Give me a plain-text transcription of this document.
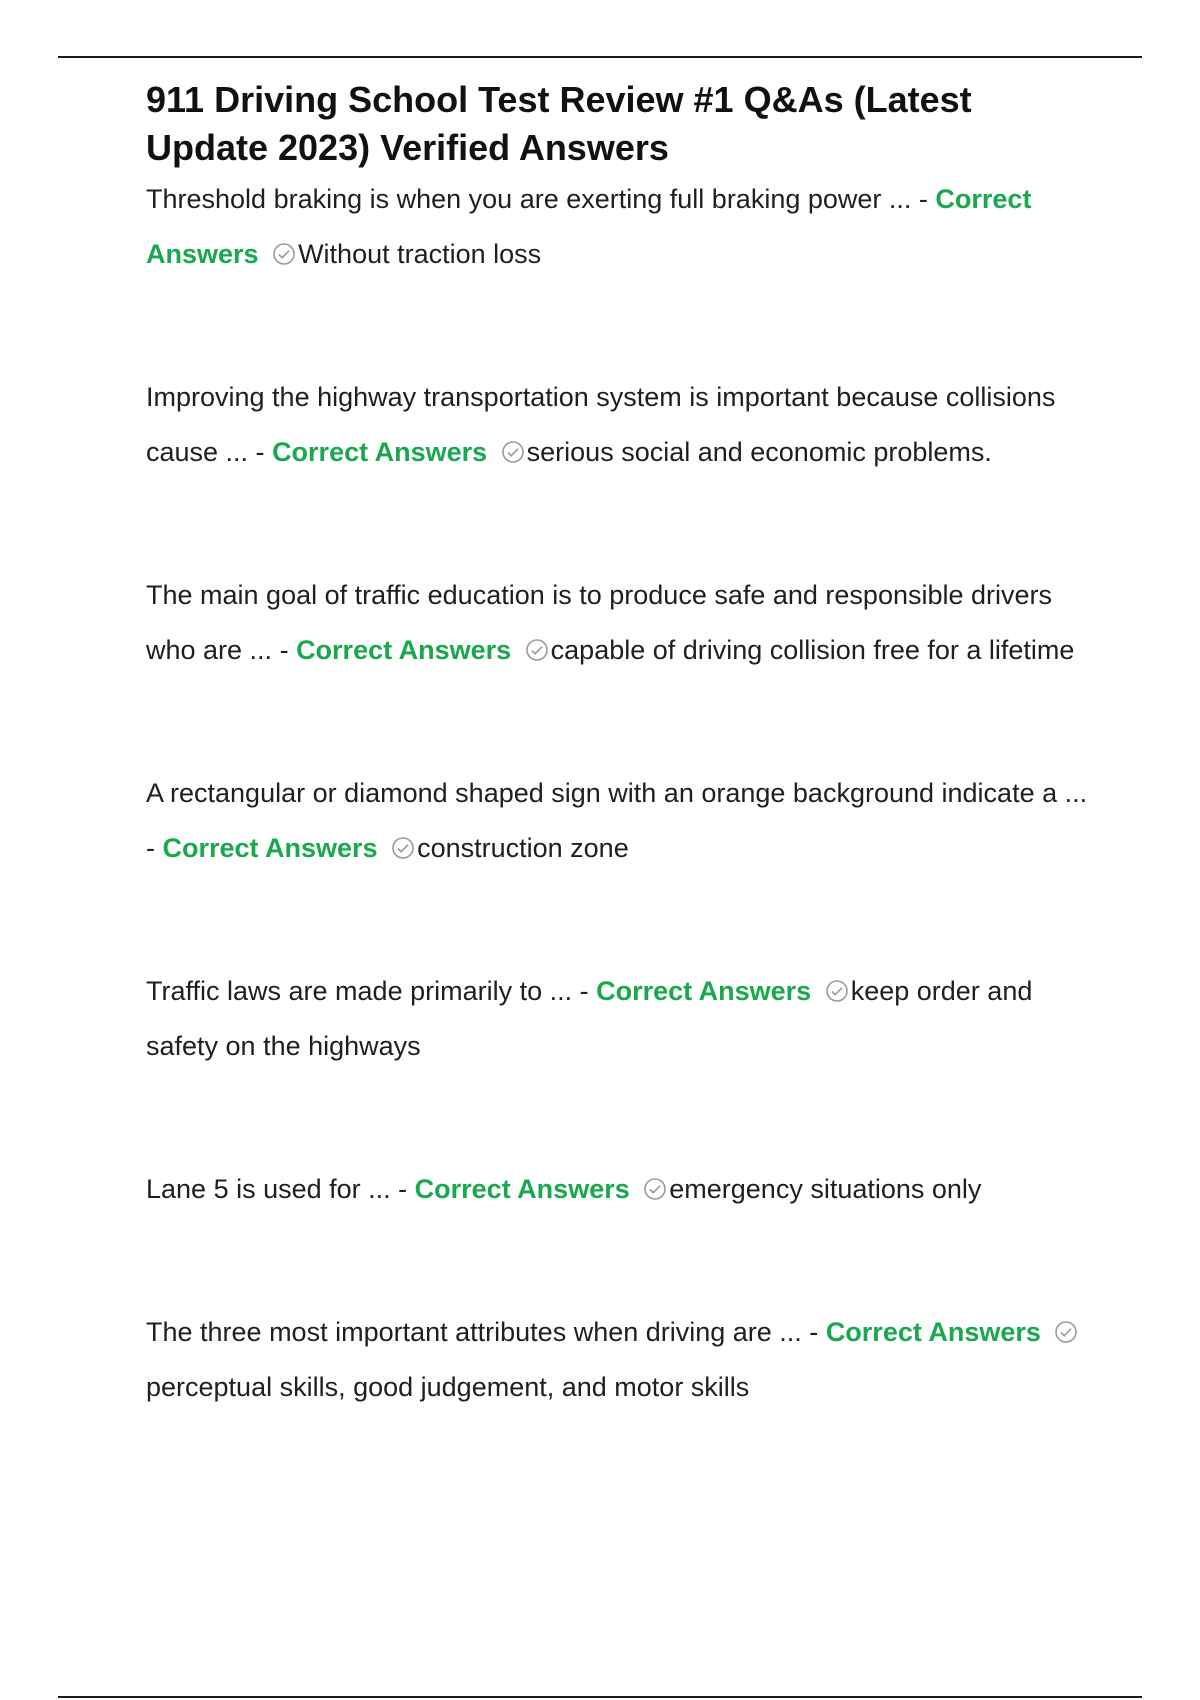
911 Driving School Test Review #1 Q&As (Latest Update 2023) Verified Answers

Threshold braking is when you are exerting full braking power ... - Correct Answers Without traction loss

Improving the highway transportation system is important because collisions cause ... - Correct Answers serious social and economic problems.

The main goal of traffic education is to produce safe and responsible drivers who are ... - Correct Answers capable of driving collision free for a lifetime

A rectangular or diamond shaped sign with an orange background indicate a ... - Correct Answers construction zone

Traffic laws are made primarily to ... - Correct Answers keep order and safety on the highways

Lane 5 is used for ... - Correct Answers emergency situations only

The three most important attributes when driving are ... - Correct Answers
perceptual skills, good judgement, and motor skills
